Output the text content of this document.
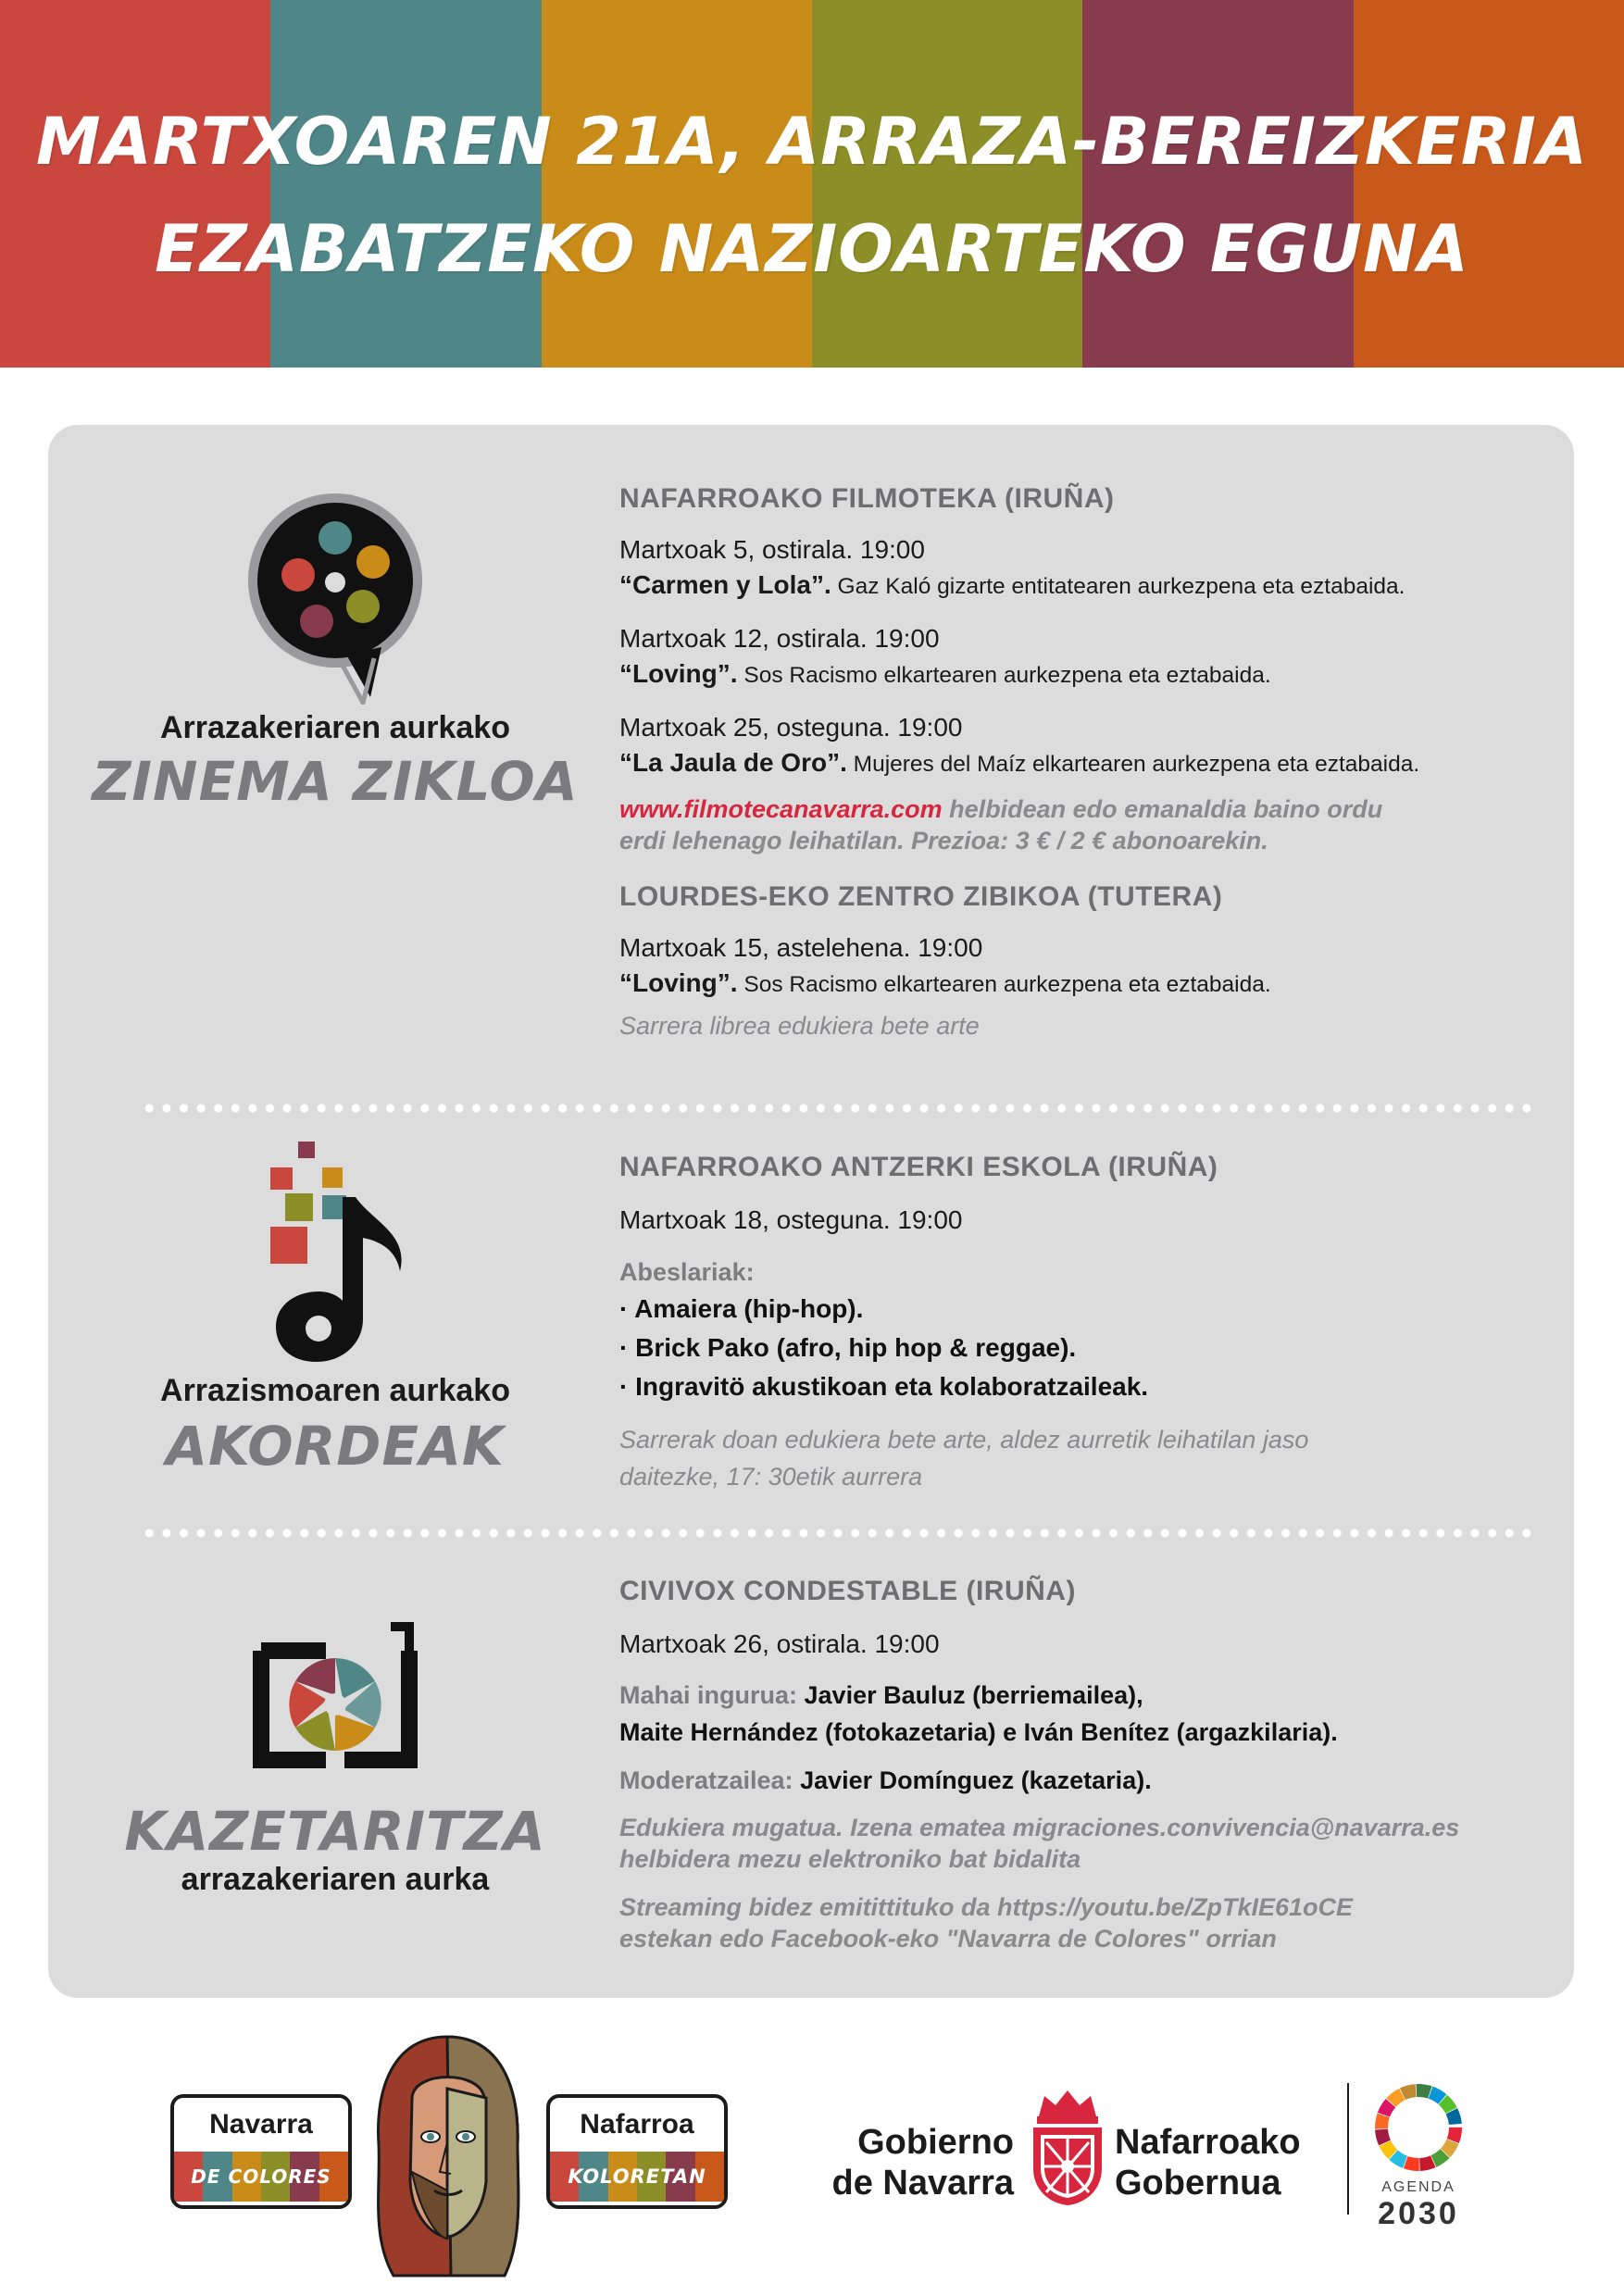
MARTXOAREN 21A, ARRAZA-BEREIZKERIA
EZABATZEKO NAZIOARTEKO EGUNA
Arrazakeriaren aurkako
ZINEMA ZIKLOA

NAFARROAKO FILMOTEKA (IRUÑA)

Martxoak 5, ostirala. 19:00
“Carmen y Lola”. Gaz Kaló gizarte entitatearen aurkezpena eta eztabaida.
Martxoak 12, ostirala. 19:00
“Loving”. Sos Racismo elkartearen aurkezpena eta eztabaida.
Martxoak 25, osteguna. 19:00
“La Jaula de Oro”. Mujeres del Maíz elkartearen aurkezpena eta eztabaida.
www.filmotecanavarra.com helbidean edo emanaldia baino ordu
erdi lehenago leihatilan. Prezioa: 3 € / 2 € abonoarekin.

LOURDES-EKO ZENTRO ZIBIKOA (TUTERA)

Martxoak 15, astelehena. 19:00
“Loving”. Sos Racismo elkartearen aurkezpena eta eztabaida.
Sarrera librea edukiera bete arte
Arrazismoaren aurkako
AKORDEAK

NAFARROAKO ANTZERKI ESKOLA (IRUÑA)

Martxoak 18, osteguna. 19:00
Abeslariak:
· Amaiera (hip-hop).
· Brick Pako (afro, hip hop & reggae).
· Ingravitö akustikoan eta kolaboratzaileak.
Sarrerak doan edukiera bete arte, aldez aurretik leihatilan jaso
daitezke, 17: 30etik aurrera
KAZETARITZA
arrazakeriaren aurka

CIVIVOX CONDESTABLE (IRUÑA)

Martxoak 26, ostirala. 19:00
Mahai ingurua: Javier Bauluz (berriemailea),
Maite Hernández (fotokazetaria) e Iván Benítez (argazkilaria).
Moderatzailea: Javier Domínguez (kazetaria).
Edukiera mugatua. Izena ematea migraciones.convivencia@navarra.es
helbidera mezu elektroniko bat bidalita
Streaming bidez emitittituko da https://youtu.be/ZpTkIE61oCE
estekan edo Facebook-eko "Navarra de Colores" orrian
Navarra
DE COLORES
Nafarroa
KOLORETAN
Gobierno
de Navarra
Nafarroako
Gobernua	AGENDA
2030
